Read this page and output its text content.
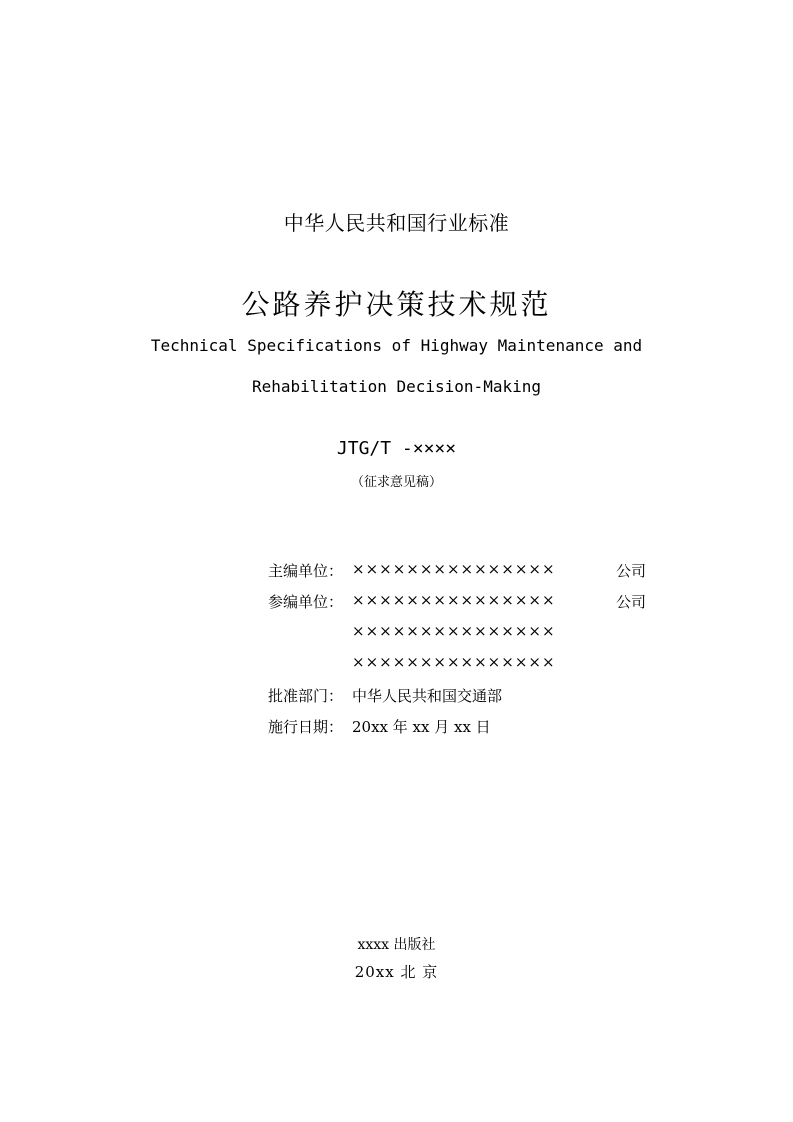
中华人民共和国行业标准
公路养护决策技术规范
Technical Specifications of Highway Maintenance and
Rehabilitation Decision-Making
JTG/T -××××
（征求意见稿）
主编单位： ×××××××××××××××	公司
参编单位： ×××××××××××××××	公司
×××××××××××××××
×××××××××××××××
批准部门： 中华人民共和国交通部
施行日期： 20xx 年 xx 月 xx 日
xxxx 出版社
20xx 北 京
